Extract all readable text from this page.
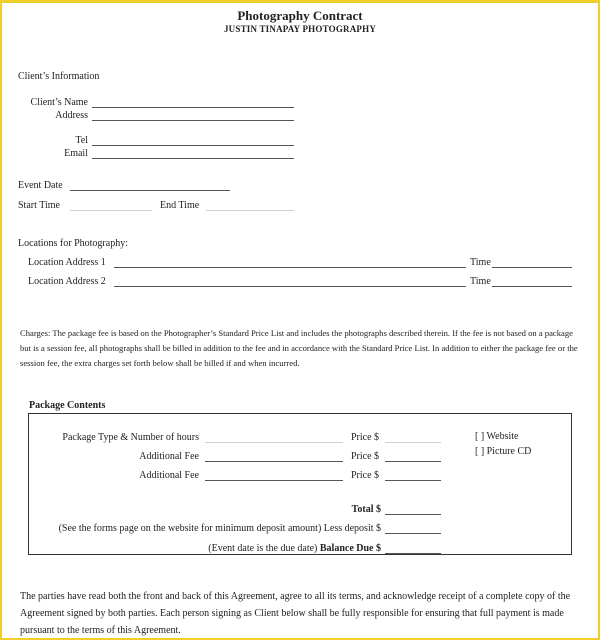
Photography Contract
JUSTIN TINAPAY PHOTOGRAPHY
Client’s Information
Client’s Name
Address
Tel
Email
Event Date
Start Time	End Time
Locations for Photography:
Location Address 1	Time
Location Address 2	Time
Charges: The package fee is based on the Photographer’s Standard Price List and includes the photographs described therein. If the fee is not based on a package but is a session fee, all photographs shall be billed in addition to the fee and in accordance with the Standard Price List. In addition to either the package fee or the session fee, the extra charges set forth below shall be billed if and when incurred.
Package Contents
Package Type & Number of hours	Price $
Additional Fee	Price $
Additional Fee	Price $
[ ] Website
[ ] Picture CD
Total $
(See the forms page on the website for minimum deposit amount) Less deposit $
(Event date is the due date) Balance Due $
The parties have read both the front and back of this Agreement, agree to all its terms, and acknowledge receipt of a complete copy of the Agreement signed by both parties. Each person signing as Client below shall be fully responsible for ensuring that full payment is made pursuant to the terms of this Agreement.
